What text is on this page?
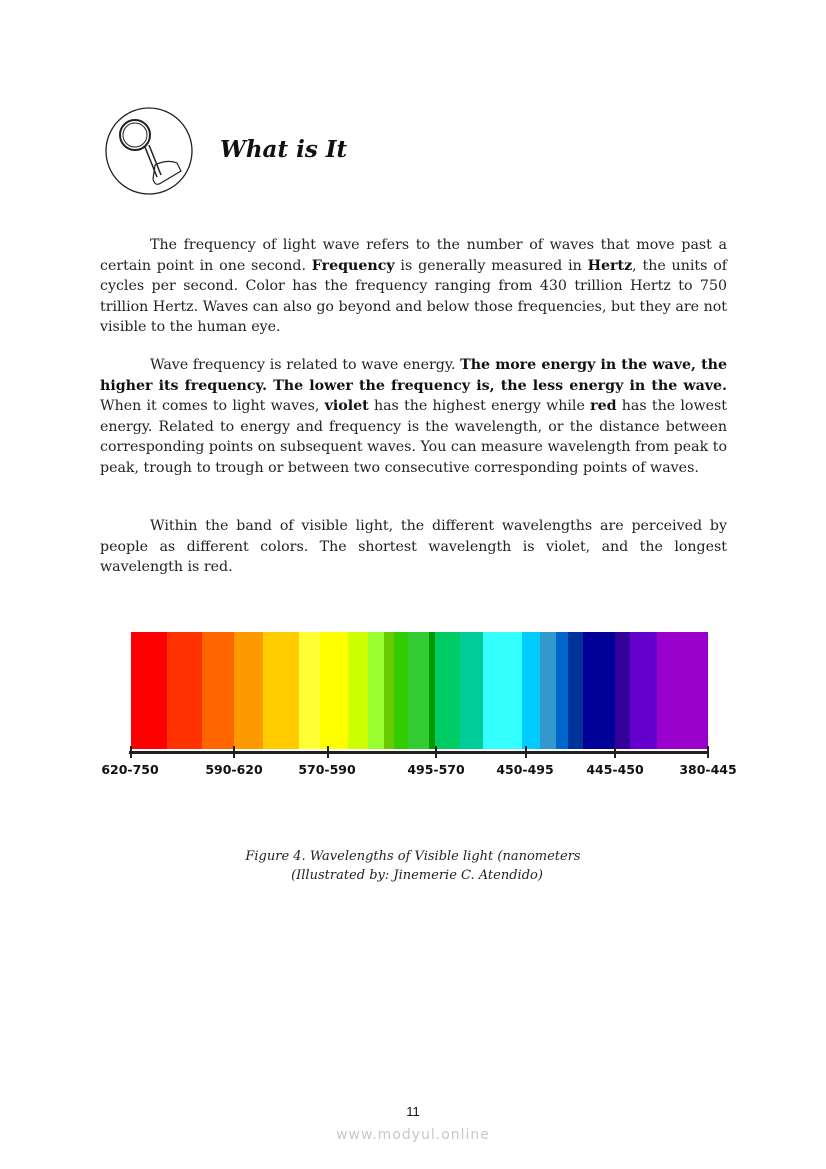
What is It

The frequency of light wave refers to the number of waves that move past a certain point in one second. Frequency is generally measured in Hertz, the units of cycles per second. Color has the frequency ranging from 430 trillion Hertz to 750 trillion Hertz. Waves can also go beyond and below those frequencies, but they are not visible to the human eye.

Wave frequency is related to wave energy. The more energy in the wave, the higher its frequency. The lower the frequency is, the less energy in the wave. When it comes to light waves, violet has the highest energy while red has the lowest energy. Related to energy and frequency is the wavelength, or the distance between corresponding points on subsequent waves. You can measure wavelength from peak to peak, trough to trough or between two consecutive corresponding points of waves.

Within the band of visible light, the different wavelengths are perceived by people as different colors. The shortest wavelength is violet, and the longest wavelength is red.

620-750	590-620	570-590	495-570	450-495	445-450	380-445
Figure 4. Wavelengths of Visible light (nanometers
(Illustrated by: Jinemerie C. Atendido)
11
www.modyul.online
